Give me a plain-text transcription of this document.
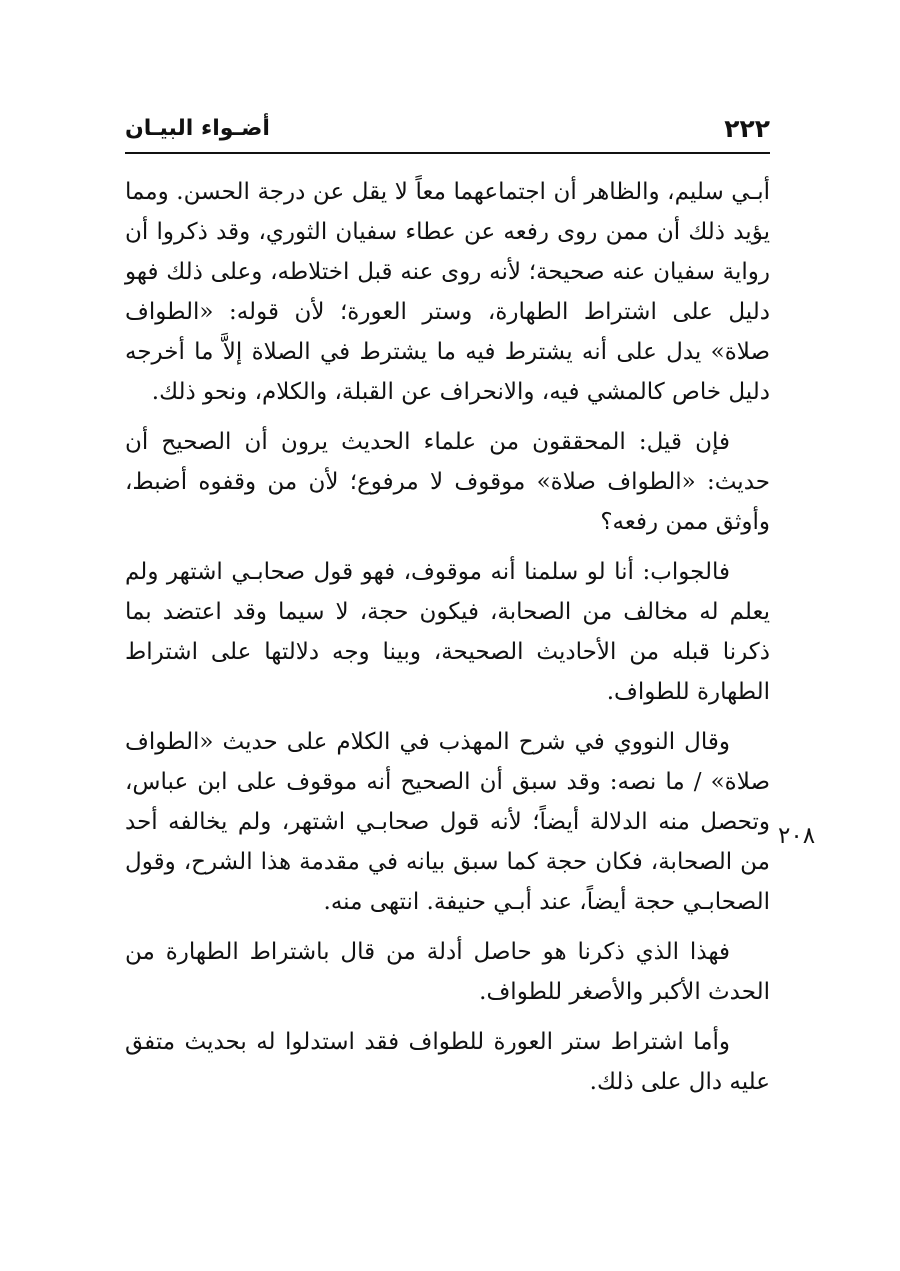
٢٢٢
أضـواء البيـان

أبـي سليم، والظاهر أن اجتماعهما معاً لا يقل عن درجة الحسن. ومما يؤيد ذلك أن ممن روى رفعه عن عطاء سفيان الثوري، وقد ذكروا أن رواية سفيان عنه صحيحة؛ لأنه روى عنه قبل اختلاطه، وعلى ذلك فهو دليل على اشتراط الطهارة، وستر العورة؛ لأن قوله: «الطواف صلاة» يدل على أنه يشترط فيه ما يشترط في الصلاة إلاَّ ما أخرجه دليل خاص كالمشي فيه، والانحراف عن القبلة، والكلام، ونحو ذلك.

فإن قيل: المحققون من علماء الحديث يرون أن الصحيح أن حديث: «الطواف صلاة» موقوف لا مرفوع؛ لأن من وقفوه أضبط، وأوثق ممن رفعه؟

فالجواب: أنا لو سلمنا أنه موقوف، فهو قول صحابـي اشتهر ولم يعلم له مخالف من الصحابة، فيكون حجة، لا سيما وقد اعتضد بما ذكرنا قبله من الأحاديث الصحيحة، وبينا وجه دلالتها على اشتراط الطهارة للطواف.

وقال النووي في شرح المهذب في الكلام على حديث «الطواف صلاة» / ما نصه: وقد سبق أن الصحيح أنه موقوف على ابن عباس، وتحصل منه الدلالة أيضاً؛ لأنه قول صحابـي اشتهر، ولم يخالفه أحد من الصحابة، فكان حجة كما سبق بيانه في مقدمة هذا الشرح، وقول الصحابـي حجة أيضاً، عند أبـي حنيفة. انتهى منه.

فهذا الذي ذكرنا هو حاصل أدلة من قال باشتراط الطهارة من الحدث الأكبر والأصغر للطواف.

وأما اشتراط ستر العورة للطواف فقد استدلوا له بحديث متفق عليه دال على ذلك.

٢٠٨
